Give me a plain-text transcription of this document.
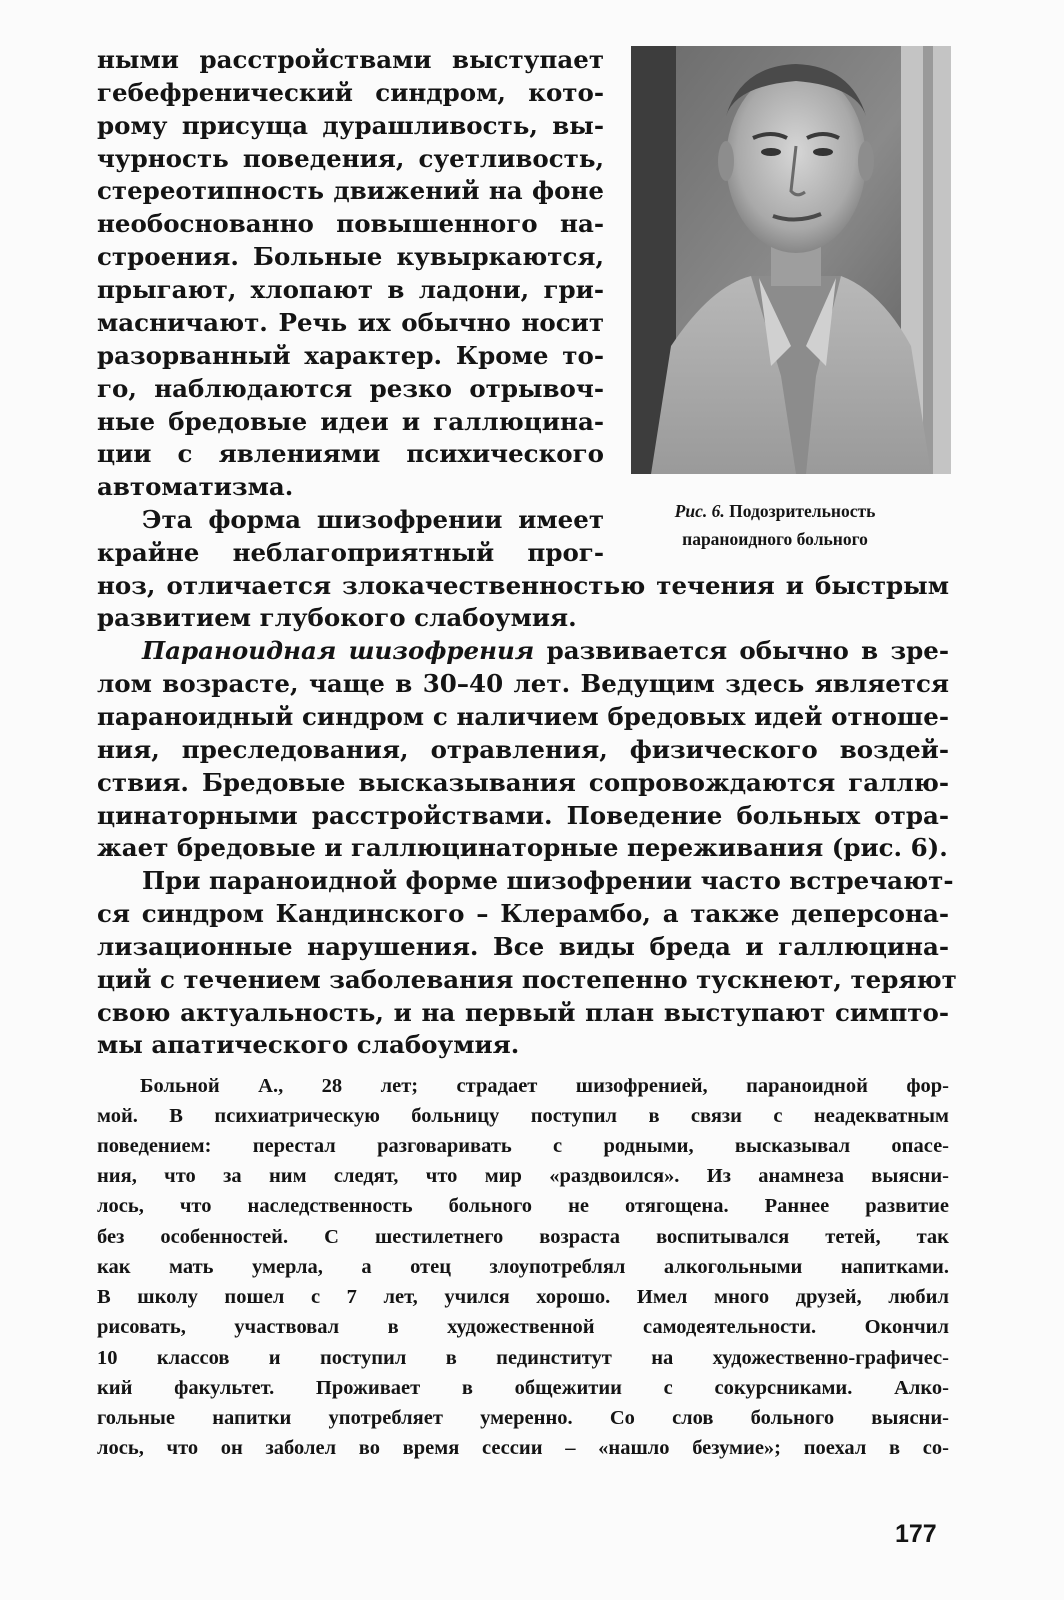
Рис. 6. Подозрительность
параноидного больного
ными расстройствами выступает
гебефренический синдром, кото-
рому присуща дурашливость, вы-
чурность поведения, суетливость,
стереотипность движений на фоне
необоснованно повышенного на-
строения. Больные кувыркаются,
прыгают, хлопают в ладони, гри-
масничают. Речь их обычно носит
разорванный характер. Кроме то-
го, наблюдаются резко отрывоч-
ные бредовые идеи и галлюцина-
ции с явлениями психического
автоматизма.
Эта форма шизофрении имеет
крайне неблагоприятный прог-
ноз, отличается злокачественностью течения и быстрым
развитием глубокого слабоумия.
Параноидная шизофрения развивается обычно в зре-
лом возрасте, чаще в 30–40 лет. Ведущим здесь является
параноидный синдром с наличием бредовых идей отноше-
ния, преследования, отравления, физического воздей-
ствия. Бредовые высказывания сопровождаются галлю-
цинаторными расстройствами. Поведение больных отра-
жает бредовые и галлюцинаторные переживания (рис. 6).
При параноидной форме шизофрении часто встречают-
ся синдром Кандинского – Клерамбо, а также деперсона-
лизационные нарушения. Все виды бреда и галлюцина-
ций с течением заболевания постепенно тускнеют, теряют
свою актуальность, и на первый план выступают симпто-
мы апатического слабоумия.
Больной А., 28 лет; страдает шизофренией, параноидной фор-
мой. В психиатрическую больницу поступил в связи с неадекватным
поведением: перестал разговаривать с родными, высказывал опасе-
ния, что за ним следят, что мир «раздвоился». Из анамнеза выясни-
лось, что наследственность больного не отягощена. Раннее развитие
без особенностей. С шестилетнего возраста воспитывался тетей, так
как мать умерла, а отец злоупотреблял алкогольными напитками.
В школу пошел с 7 лет, учился хорошо. Имел много друзей, любил
рисовать, участвовал в художественной самодеятельности. Окончил
10 классов и поступил в пединститут на художественно-графичес-
кий факультет. Проживает в общежитии с сокурсниками. Алко-
гольные напитки употребляет умеренно. Со слов больного выясни-
лось, что он заболел во время сессии – «нашло безумие»; поехал в со-
177
